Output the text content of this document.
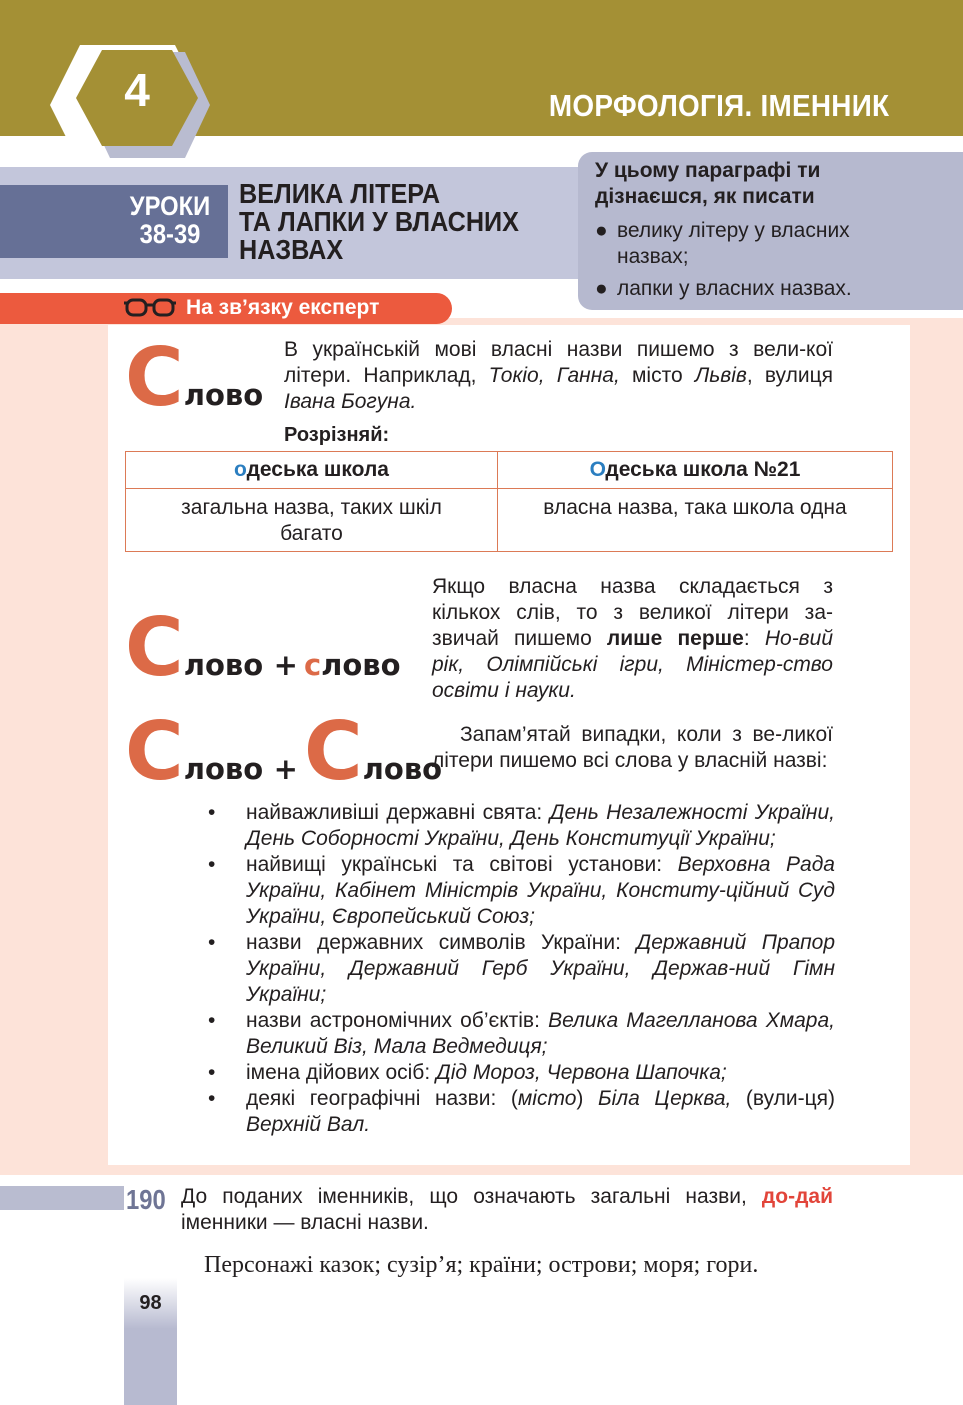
4	МОРФОЛОГІЯ. ІМЕННИК
УРОКИ
38-39
ВЕЛИКА ЛІТЕРА
ТА ЛАПКИ У ВЛАСНИХ
НАЗВАХ
У цьому параграфі ти
дізнаєшся, як писати
● велику літеру у власних
назвах;
● лапки у власних назвах.
На зв’язку експерт
Слово
В українській мові власні назви пишемо з вели-кої літери. Наприклад, Токіо, Ганна, місто Львів, вулиця Івана Богуна.
Розрізняй:
одеська школа	Одеська школа №21
загальна назва, таких шкіл багато	власна назва, така школа одна
Слово + слово
Якщо власна назва складається з кількох слів, то з великої літери за-звичай пишемо лише перше: Но-вий рік, Олімпійські ігри, Міністер-ство освіти і науки.
Слово +Слово
Запам’ятай випадки, коли з ве-ликої літери пишемо всі слова у власній назві:
• найважливіші державні свята: День Незалежності України, День Соборності України, День Конституції України;
• найвищі українські та світові установи: Верховна Рада України, Кабінет Міністрів України, Конститу-ційний Суд України, Європейський Союз;
• назви державних символів України: Державний Прапор України, Державний Герб України, Держав-ний Гімн України;
• назви астрономічних об’єктів: Велика Магелланова Хмара, Великий Віз, Мала Ведмедиця;
• імена дійових осіб: Дід Мороз, Червона Шапочка;
• деякі географічні назви: (місто) Біла Церква, (вули-ця) Верхній Вал.
190 До поданих іменників, що означають загальні назви, до-дай іменники — власні назви.
Персонажі казок; сузір’я; країни; острови; моря; гори.
98
